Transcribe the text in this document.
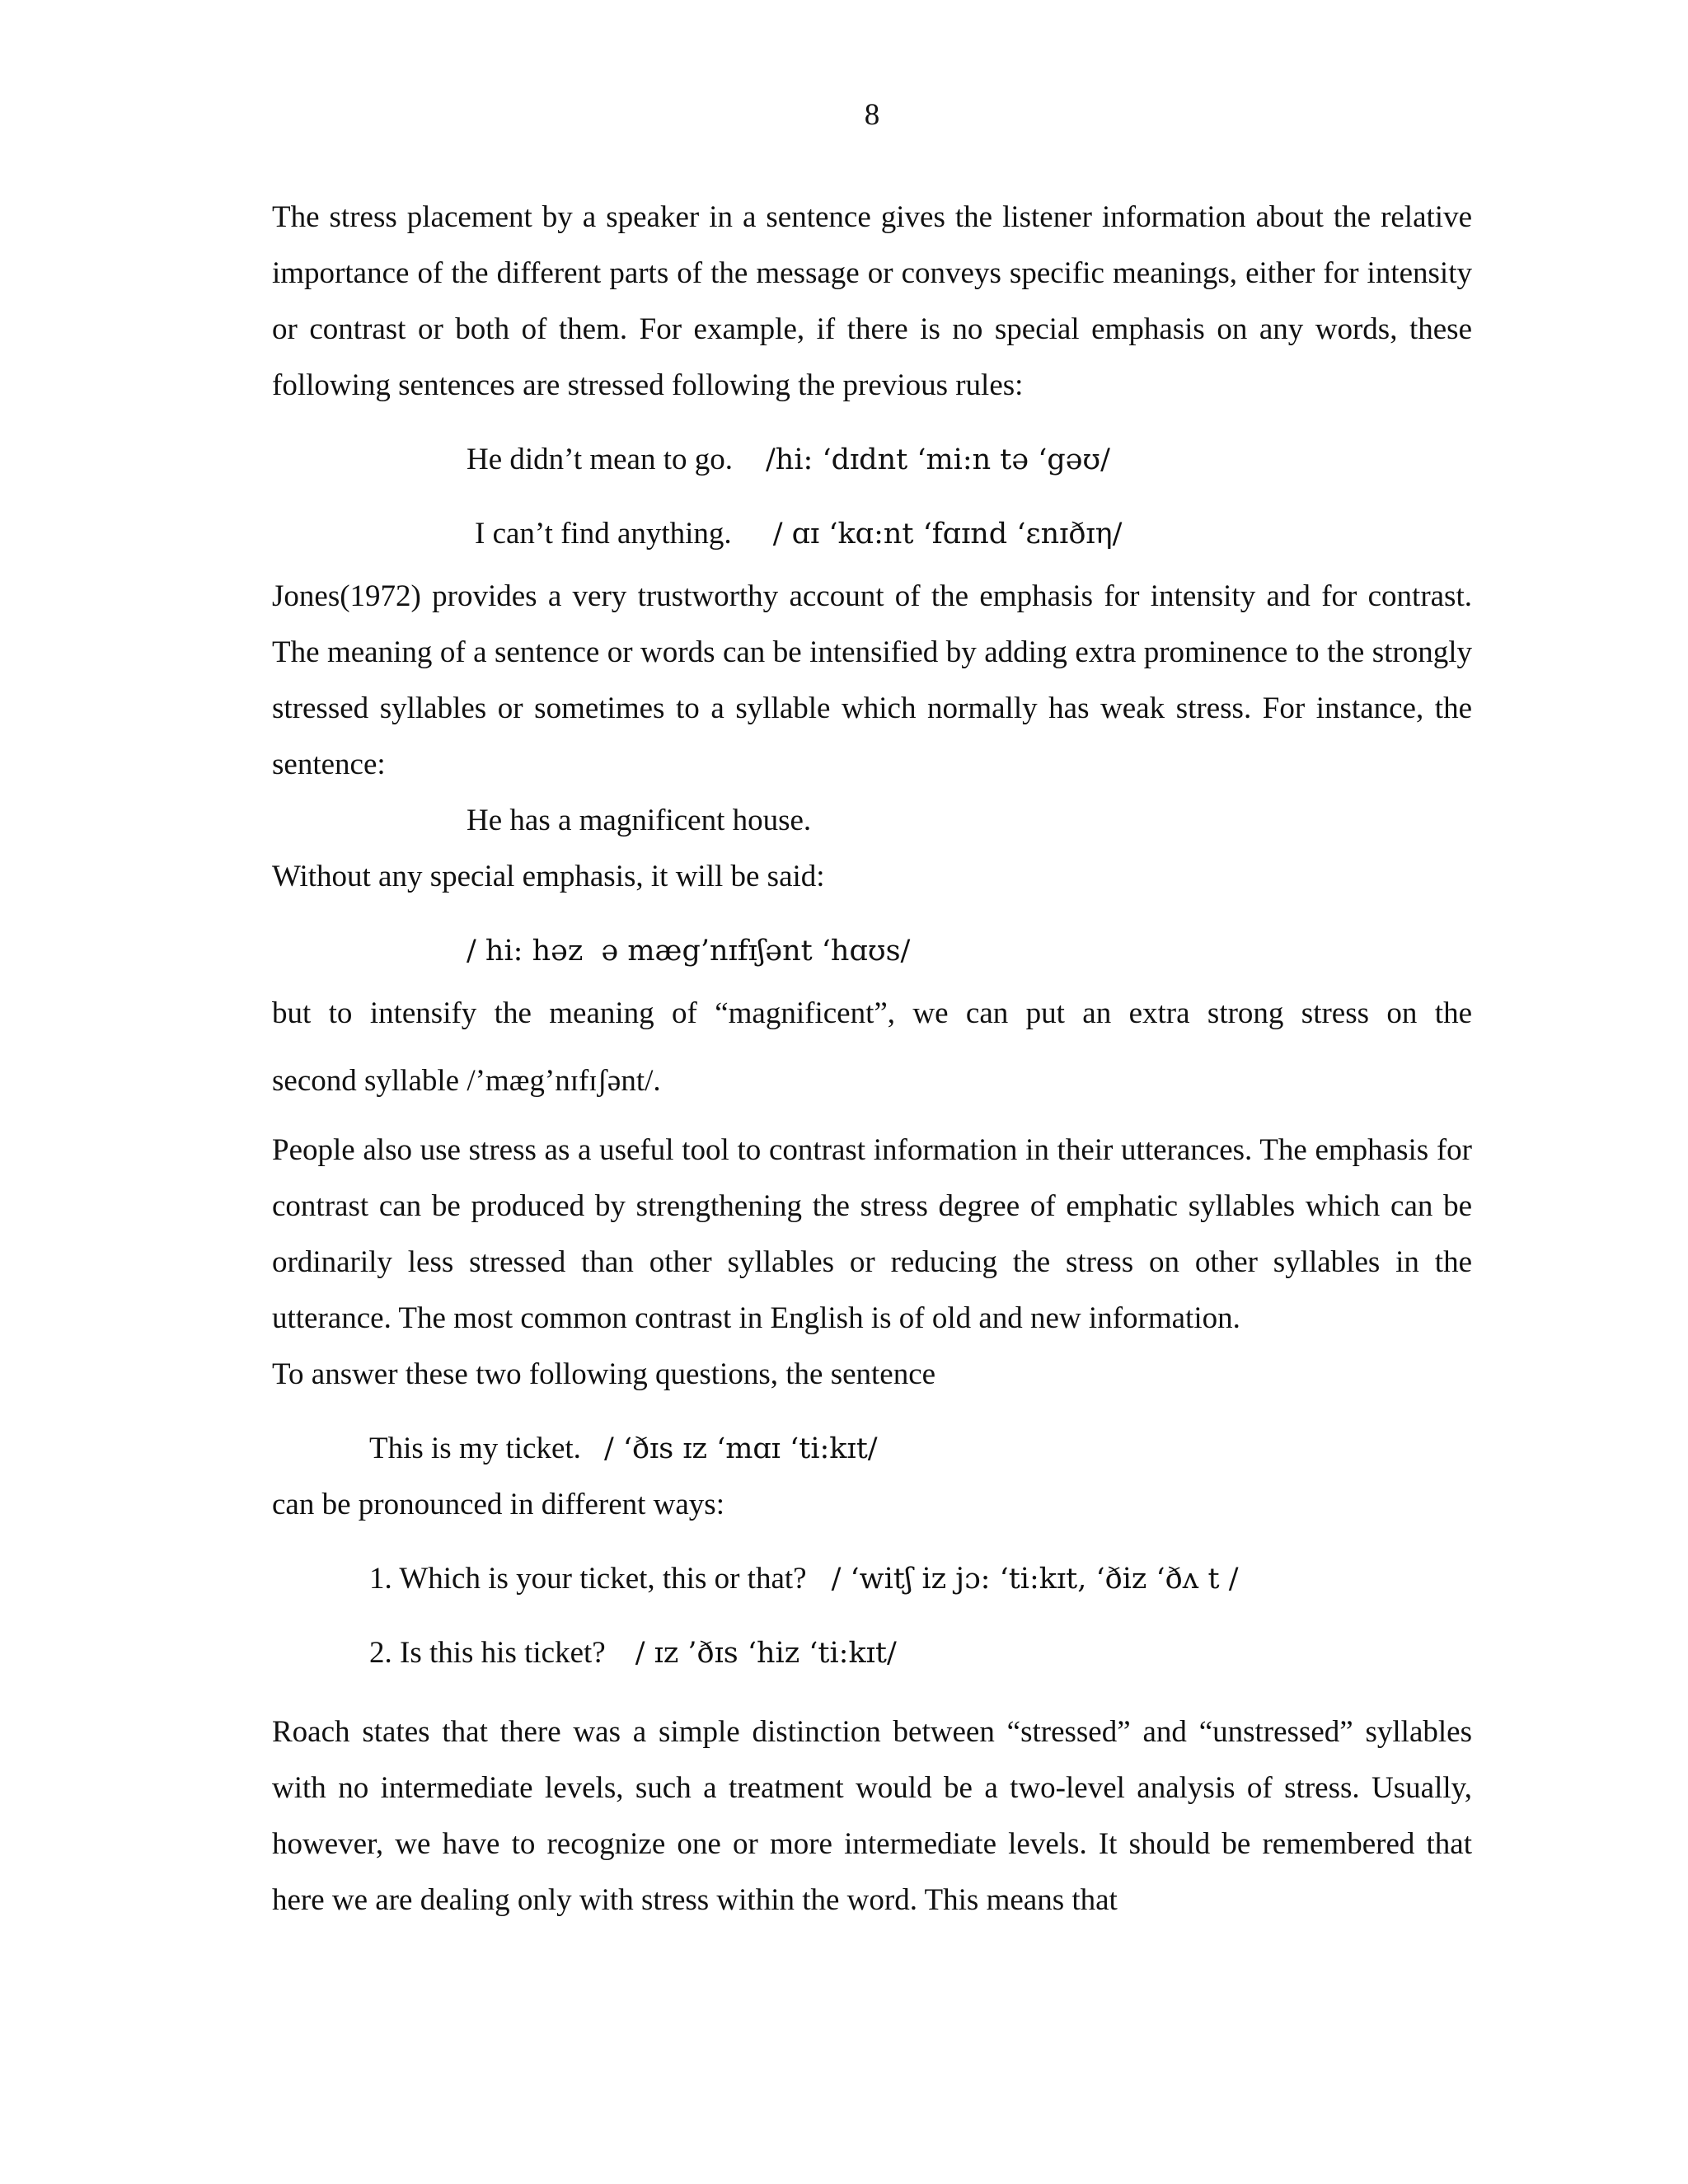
8

The stress placement by a speaker in a sentence gives the listener information about the relative importance of the different parts of the message or conveys specific meanings, either for intensity or contrast or both of them. For example, if there is no special emphasis on any words, these following sentences are stressed following the previous rules:

He didn’t mean to go. /hi: ‘dɪdnt ‘mi:n tə ‘gəʊ/

I can’t find anything. / ɑɪ ‘kɑ:nt ‘fɑɪnd ‘ɛnɪðɪη/

Jones(1972) provides a very trustworthy account of the emphasis for intensity and for contrast. The meaning of a sentence or words can be intensified by adding extra prominence to the strongly stressed syllables or sometimes to a syllable which normally has weak stress. For instance, the sentence:

He has a magnificent house.

Without any special emphasis, it will be said:

/ hi: həz  ə mæg’nɪfɪʃənt ‘hɑʊs/

but to intensify the meaning of “magnificent”, we can put an extra strong stress on the
second syllable /’mæg’nɪfɪʃənt/.

People also use stress as a useful tool to contrast information in their utterances. The emphasis for contrast can be produced by strengthening the stress degree of emphatic syllables which can be ordinarily less stressed than other syllables or reducing the stress on other syllables in the utterance. The most common contrast in English is of old and new information.

To answer these two following questions, the sentence

This is my ticket. / ‘ðɪs ɪz ‘mɑɪ ‘ti:kɪt/

can be pronounced in different ways:

1. Which is your ticket, this or that? / ‘witʃ iz jɔ: ‘ti:kɪt, ‘ðiz ‘ðʌ t /

2. Is this his ticket? / ɪz ’ðɪs ‘hiz ‘ti:kɪt/

Roach states that there was a simple distinction between “stressed” and “unstressed” syllables with no intermediate levels, such a treatment would be a two-level analysis of stress. Usually, however, we have to recognize one or more intermediate levels. It should be remembered that here we are dealing only with stress within the word. This means that
